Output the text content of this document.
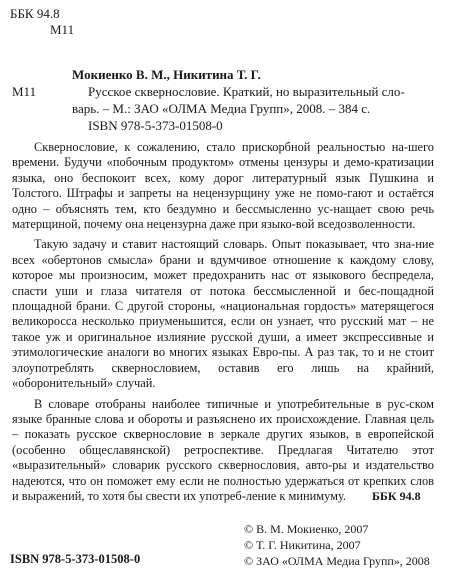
ББК 94.8
М11
М11
Мокиенко В. М., Никитина Т. Г.
Русское сквернословие. Краткий, но выразительный сло-
варь. – М.: ЗАО «ОЛМА Медиа Групп», 2008. – 384 с.
ISBN 978-5-373-01508-0

Сквернословие, к сожалению, стало прискорбной реальностью на-шего времени. Будучи «побочным продуктом» отмены цензуры и демо-кратизации языка, оно беспокоит всех, кому дорог литературный язык Пушкина и Толстого. Штрафы и запреты на нецензурщину уже не помо-гают и остаётся одно – объяснять тем, кто бездумно и бессмысленно ус-нащает свою речь матерщиной, почему она нецензурна даже при языко-вой вседозволенности.

Такую задачу и ставит настоящий словарь. Опыт показывает, что зна-ние всех «обертонов смысла» брани и вдумчивое отношение к каждому слову, которое мы произносим, может предохранить нас от языкового беспредела, спасти уши и глаза читателя от потока бессмысленной и бес-пощадной площадной брани. С другой стороны, «национальная гордость» матерящегося великоросса несколько приуменьшится, если он узнает, что русский мат – не такое уж и оригинальное излияние русской души, а имеет экспрессивные и этимологические аналоги во многих языках Евро-пы. А раз так, то и не стоит злоупотреблять сквернословием, оставив его лишь на крайний, «оборонительный» случай.

В словаре отобраны наиболее типичные и употребительные в рус-ском языке бранные слова и обороты и разъяснено их происхождение. Главная цель – показать русское сквернословие в зеркале других языков, в европейской (особенно общеславянской) ретроспективе. Предлагая Читателю этот «выразительный» словарик русского сквернословия, авто-ры и издательство надеются, что он поможет ему если не полностью удержаться от крепких слов и выражений, то хотя бы свести их употреб-ление к минимуму.	ББК 94.8
© В. М. Мокиенко, 2007
© Т. Г. Никитина, 2007
© ЗАО «ОЛМА Медиа Групп», 2008
ISBN 978-5-373-01508-0
